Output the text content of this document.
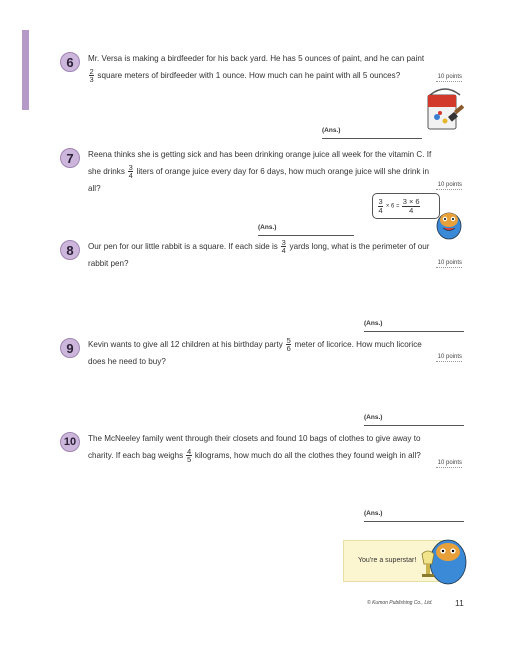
6	Mr. Versa is making a birdfeeder for his back yard. He has 5 ounces of paint, and he can paint

$\frac{2}{3}$ square meters of birdfeeder with 1 ounce. How much can he paint with all 5 ounces?	10 points
(Ans.)
7	Reena thinks she is getting sick and has been drinking orange juice all week for the vitamin C. If
she drinks $\frac{3}{4}$ liters of orange juice every day for 6 days, how much orange juice will she drink in
all?	10 points
(Ans.)
$\frac{3}{4} \times 6 = \frac{3 \times 6}{4}$
8	Our pen for our little rabbit is a square. If each side is $\frac{3}{4}$ yards long, what is the perimeter of our
rabbit pen?	10 points
(Ans.)
9	Kevin wants to give all 12 children at his birthday party $\frac{5}{6}$ meter of licorice. How much licorice
does he need to buy?	10 points
(Ans.)
10	The McNeeley family went through their closets and found 10 bags of clothes to give away to
charity. If each bag weighs $\frac{4}{5}$ kilograms, how much do all the clothes they found weigh in all?
10 points
(Ans.)
You're a superstar!
© Kumon Publishing Co., Ltd.	11
